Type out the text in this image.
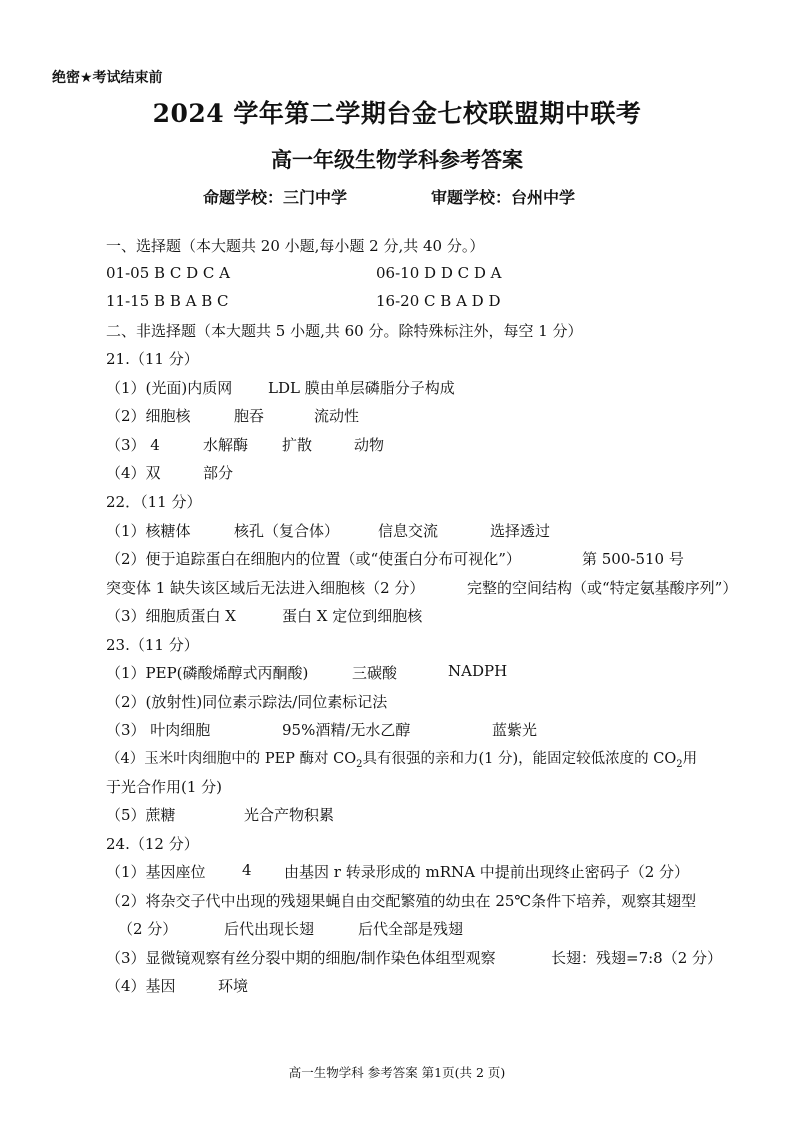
绝密★考试结束前
2024 学年第二学期台金七校联盟期中联考
高一年级生物学科参考答案
命题学校：三门中学	审题学校：台州中学
一、选择题（本大题共 20 小题,每小题 2 分,共 40 分。）
01-05 B C D C A	06-10 D D C D A
11-15 B B A B C	16-20 C B A D D
二、非选择题（本大题共 5 小题,共 60 分。除特殊标注外，每空 1 分）
21.（11 分）
（1）(光面)内质网 LDL 膜由单层磷脂分子构成
（2）细胞核	胞吞	流动性
（3） 4	水解酶 扩散	动物
（4）双	部分
22．（11 分）
（1）核糖体	核孔（复合体）	信息交流	选择透过
（2）便于追踪蛋白在细胞内的位置（或“使蛋白分布可视化”）	第 500-510 号
突变体 1 缺失该区域后无法进入细胞核（2 分）	完整的空间结构（或“特定氨基酸序列”）
（3）细胞质蛋白 X	蛋白 X 定位到细胞核
23.（11 分）
（1）PEP(磷酸烯醇式丙酮酸)	三碳酸	NADPH
（2）(放射性)同位素示踪法/同位素标记法
（3） 叶肉细胞	95%酒精/无水乙醇	蓝紫光
（4）玉米叶肉细胞中的 PEP 酶对 $CO_2$具有很强的亲和力(1 分)，能固定较低浓度的 $CO_2$用
于光合作用(1 分)
（5）蔗糖	光合产物积累
24.（12 分）
（1）基因座位 4 由基因 r 转录形成的 mRNA 中提前出现终止密码子（2 分）
（2）将杂交子代中出现的残翅果蝇自由交配繁殖的幼虫在 25℃条件下培养，观察其翅型
（2 分）	后代出现长翅	后代全部是残翅
（3）显微镜观察有丝分裂中期的细胞/制作染色体组型观察	长翅：残翅=7:8（2 分）
（4）基因	环境
高一生物学科 参考答案 第1页(共 2 页)
